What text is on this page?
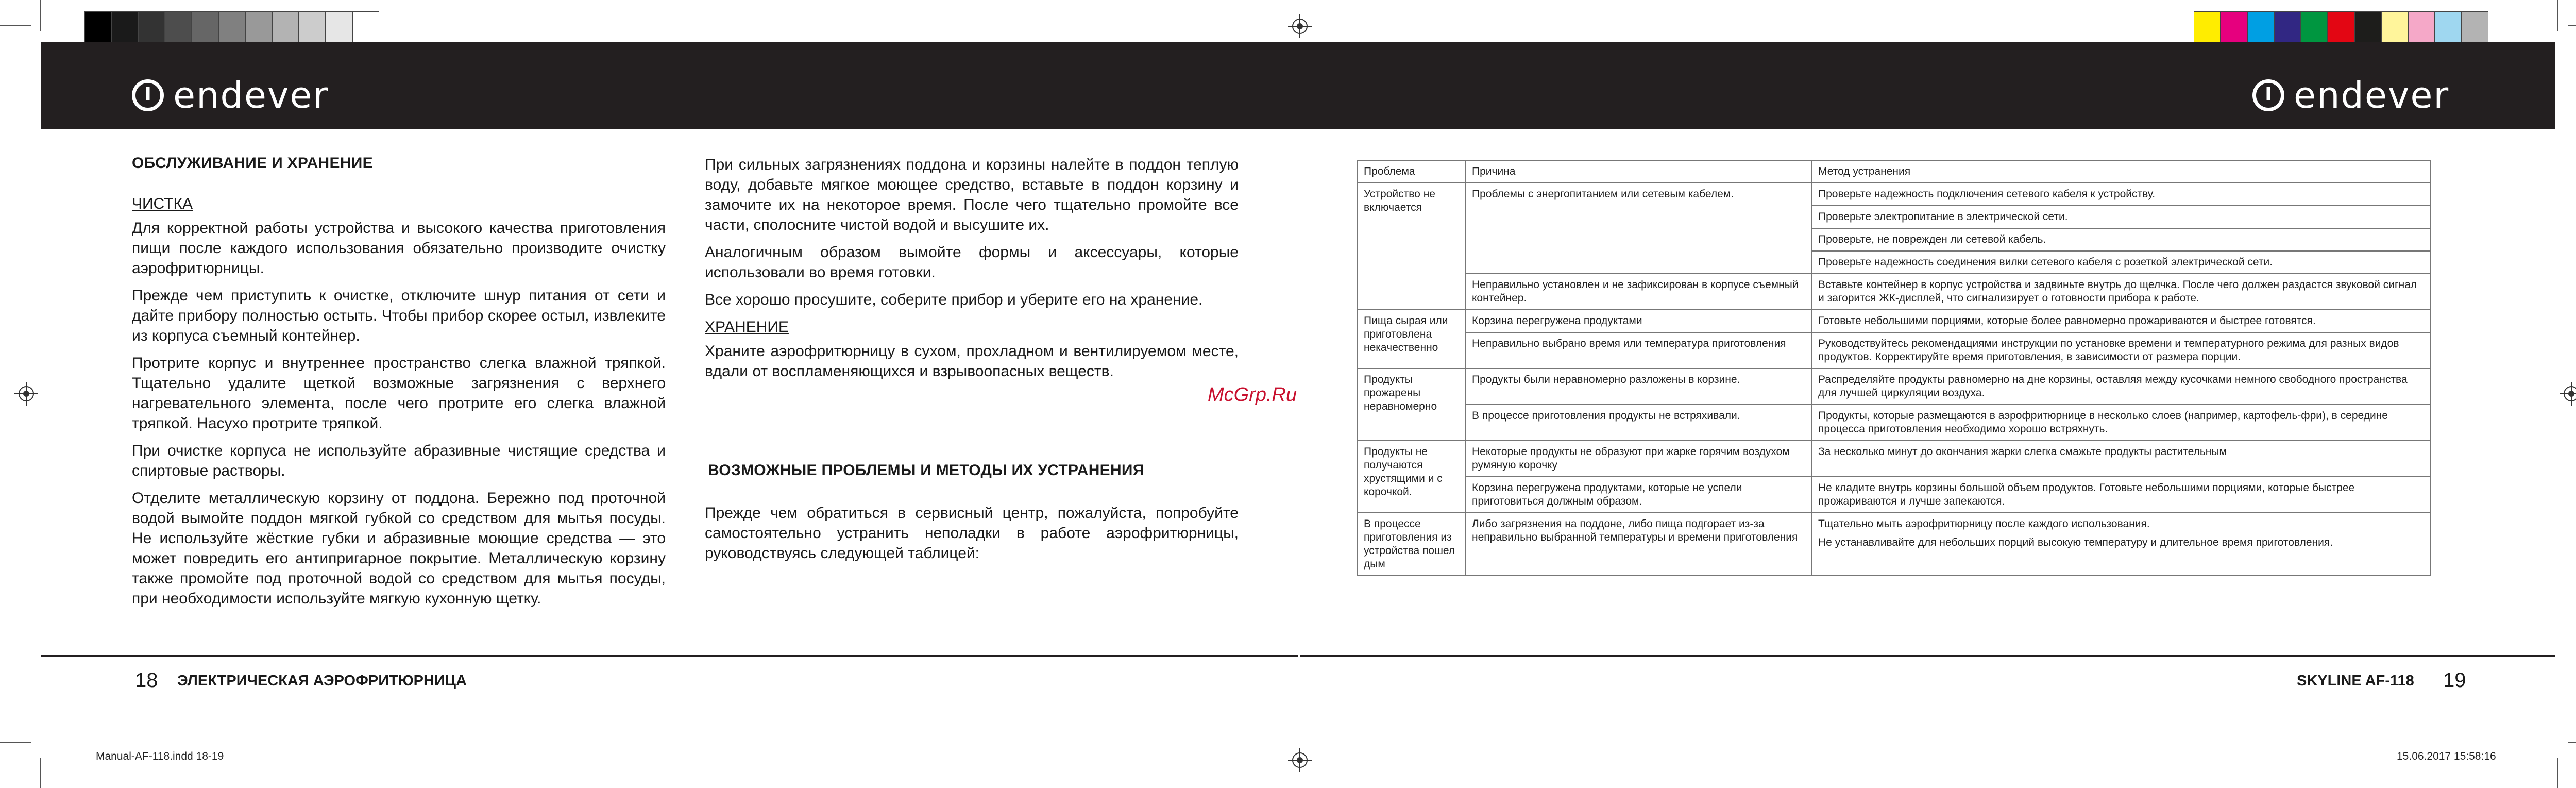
endever	endever
ОБСЛУЖИВАНИЕ И ХРАНЕНИЕ
ЧИСТКА

Для корректной работы устройства и высокого качества приготовления пищи после каждого использования обязательно производите очистку аэрофритюрницы.

Прежде чем приступить к очистке, отключите шнур питания от сети и дайте прибору полностью остыть. Чтобы прибор скорее остыл, извлеките из корпуса съемный контейнер.

Протрите корпус и внутреннее пространство слегка влажной тряпкой. Тщательно удалите щеткой возможные загрязнения с верхнего нагревательного элемента, после чего протрите его слегка влажной тряпкой. Насухо протрите тряпкой.

При очистке корпуса не используйте абразивные чистящие средства и спиртовые растворы.

Отделите металлическую корзину от поддона. Бережно под проточной водой вымойте поддон мягкой губкой со средством для мытья посуды. Не используйте жёсткие губки и абразивные моющие средства — это может повредить его антипригарное покрытие. Металлическую корзину также промойте под проточной водой со средством для мытья посуды, при необходимости используйте мягкую кухонную щетку.

При сильных загрязнениях поддона и корзины налейте в поддон теплую воду, добавьте мягкое моющее средство, вставьте в поддон корзину и замочите их на некоторое время. После чего тщательно промойте все части, сполосните чистой водой и высушите их.

Аналогичным образом вымойте формы и аксессуары, которые использовали во время готовки.

Все хорошо просушите, соберите прибор и уберите его на хранение.

ХРАНЕНИЕ

Храните аэрофритюрницу в сухом, прохладном и вентилируемом месте, вдали от воспламеняющихся и взрывоопасных веществ.

ВОЗМОЖНЫЕ ПРОБЛЕМЫ И МЕТОДЫ ИХ УСТРАНЕНИЯ

Прежде чем обратиться в сервисный центр, пожалуйста, попробуйте самостоятельно устранить неполадки в работе аэрофритюрницы, руководствуясь следующей таблицей:

McGrp.Ru
Проблема	Причина	Метод устранения
Устройство не включается	Проблемы с энергопитанием или сетевым кабелем.	Проверьте надежность подключения сетевого кабеля к устройству.
		Проверьте электропитание в электрической сети.
		Проверьте, не поврежден ли сетевой кабель.
		Проверьте надежность соединения вилки сетевого кабеля с розеткой электрической сети.
	Неправильно установлен и не зафиксирован в корпусе съемный контейнер.	Вставьте контейнер в корпус устройства и задвиньте внутрь до щелчка. После чего должен раздастся звуковой сигнал и загорится ЖК-дисплей, что сигнализирует о готовности прибора к работе.
Пища сырая или приготовлена некачественно	Корзина перегружена продуктами	Готовьте небольшими порциями, которые более равномерно прожариваются и быстрее готовятся.
	Неправильно выбрано время или температура приготовления	Руководствуйтесь рекомендациями инструкции по установке времени и температурного режима для разных видов продуктов. Корректируйте время приготовления, в зависимости от размера порции.
Продукты прожарены неравномерно	Продукты были неравномерно разложены в корзине.	Распределяйте продукты равномерно на дне корзины, оставляя между кусочками немного свободного пространства для лучшей циркуляции воздуха.
	В процессе приготовления продукты не встряхивали.	Продукты, которые размещаются в аэрофритюрнице в несколько слоев (например, картофель-фри), в середине процесса приготовления необходимо хорошо встряхнуть.
Продукты не получаются хрустящими и с корочкой.	Некоторые продукты не образуют при жарке горячим воздухом румяную корочку	За несколько минут до окончания жарки слегка смажьте продукты растительным
	Корзина перегружена продуктами, которые не успели приготовиться должным образом.	Не кладите внутрь корзины большой объем продуктов. Готовьте небольшими порциями, которые быстрее прожариваются и лучше запекаются.
В процессе приготовления из устройства пошел дым	Либо загрязнения на поддоне, либо пища подгорает из-за неправильно выбранной температуры и времени приготовления	Тщательно мыть аэрофритюрницу после каждого использования.
Не устанавливайте для небольших порций высокую температуру и длительное время приготовления.
18 ЭЛЕКТРИЧЕСКАЯ АЭРОФРИТЮРНИЦА	SKYLINE AF-118 19
Manual-AF-118.indd 18-19	15.06.2017 15:58:16
